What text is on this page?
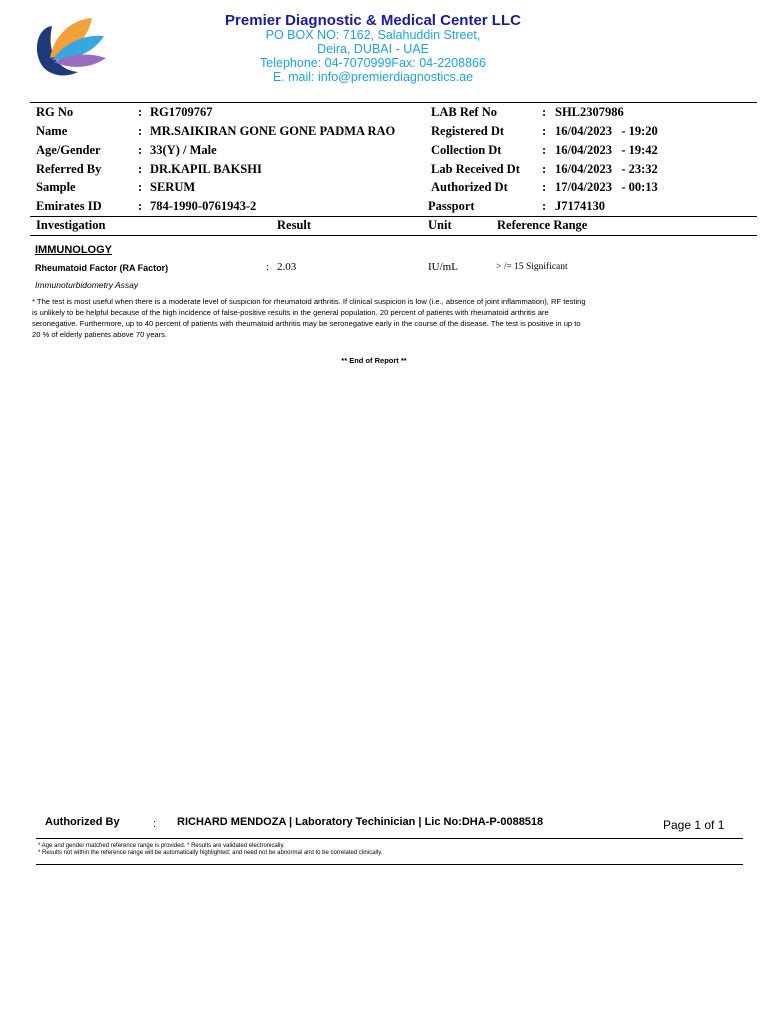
Premier Diagnostic & Medical Center LLC
PO BOX NO: 7162, Salahuddin Street,
Deira, DUBAI - UAE
Telephone: 04-7070999Fax: 04-2208866
E. mail: info@premierdiagnostics.ae
RG No	: RG1709767
Name	: MR.SAIKIRAN GONE GONE PADMA RAO
Age/Gender	: 33(Y) / Male
Referred By	: DR.KAPIL BAKSHI
Sample	: SERUM
Emirates ID	: 784-1990-0761943-2
LAB Ref No	: SHL2307986
Registered Dt	: 16/04/2023   - 19:20
Collection Dt	: 16/04/2023   - 19:42
Lab Received Dt : 16/04/2023   - 23:32
Authorized Dt	: 17/04/2023   - 00:13
Passport	: J7174130
Investigation	Result	Unit	Reference Range
IMMUNOLOGY
Rheumatoid Factor (RA Factor)	: 2.03	IU/mL	> /= 15 Significant
Immunoturbidometry Assay
* The test is most useful when there is a moderate level of suspicion for rheumatoid arthritis. If clinical suspicion is low (i.e., absence of joint inflammation), RF testing
is unlikely to be helpful because of the high incidence of false-positive results in the general population. 20 percent of patients with rheumatoid arthritis are
seronegative. Furthermore, up to 40 percent of patients with rheumatoid arthritis may be seronegative early in the course of the disease. The test is positive in up to
20 % of elderly patients above 70 years.
** End of Report **
Authorized By	: RICHARD MENDOZA | Laboratory Techinician | Lic No:DHA-P-0088518	Page 1 of 1
* Age and gender matched reference range is provided. * Results are validated electronically.
* Results not within the reference range will be automatically highlighted; and need not be abnormal and to be correlated clinically.
